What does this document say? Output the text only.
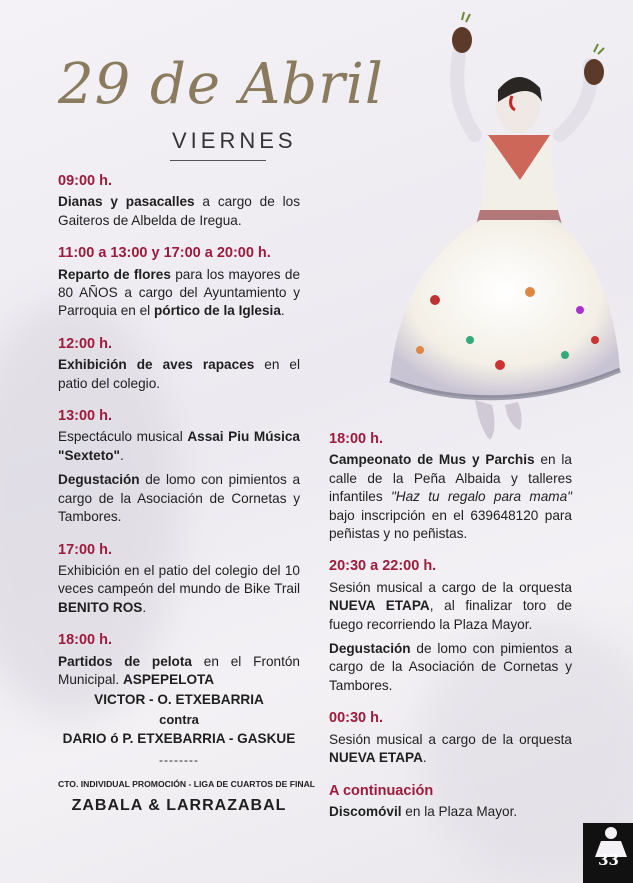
29 de Abril
VIERNES
09:00 h.
Dianas y pasacalles a cargo de los Gaiteros de Albelda de Iregua.
11:00 a 13:00 y 17:00 a 20:00 h.
Reparto de flores para los mayores de 80 AÑOS a cargo del Ayuntamiento y Parroquia en el pórtico de la Iglesia.
12:00 h.
Exhibición de aves rapaces en el patio del colegio.
13:00 h.
Espectáculo musical Assai Piu Música "Sexteto".
Degustación de lomo con pimientos a cargo de la Asociación de Cornetas y Tambores.
17:00 h.
Exhibición en el patio del colegio del 10 veces campeón del mundo de Bike Trail BENITO ROS.
18:00 h.
Partidos de pelota en el Frontón Municipal. ASPEPELOTA
VICTOR - O. ETXEBARRIA
contra
DARIO ó P. ETXEBARRIA - GASKUE
--------
CTO. INDIVIDUAL PROMOCIÓN - LIGA DE CUARTOS DE FINAL
ZABALA & LARRAZABAL
18:00 h.
Campeonato de Mus y Parchis en la calle de la Peña Albaida y talleres infantiles "Haz tu regalo para mama" bajo inscripción en el 639648120 para peñistas y no peñistas.
20:30 a 22:00 h.
Sesión musical a cargo de la orquesta NUEVA ETAPA, al finalizar toro de fuego recorriendo la Plaza Mayor.
Degustación de lomo con pimientos a cargo de la Asociación de Cornetas y Tambores.
00:30 h.
Sesión musical a cargo de la orquesta NUEVA ETAPA.
A continuación
Discomóvil en la Plaza Mayor.
33
